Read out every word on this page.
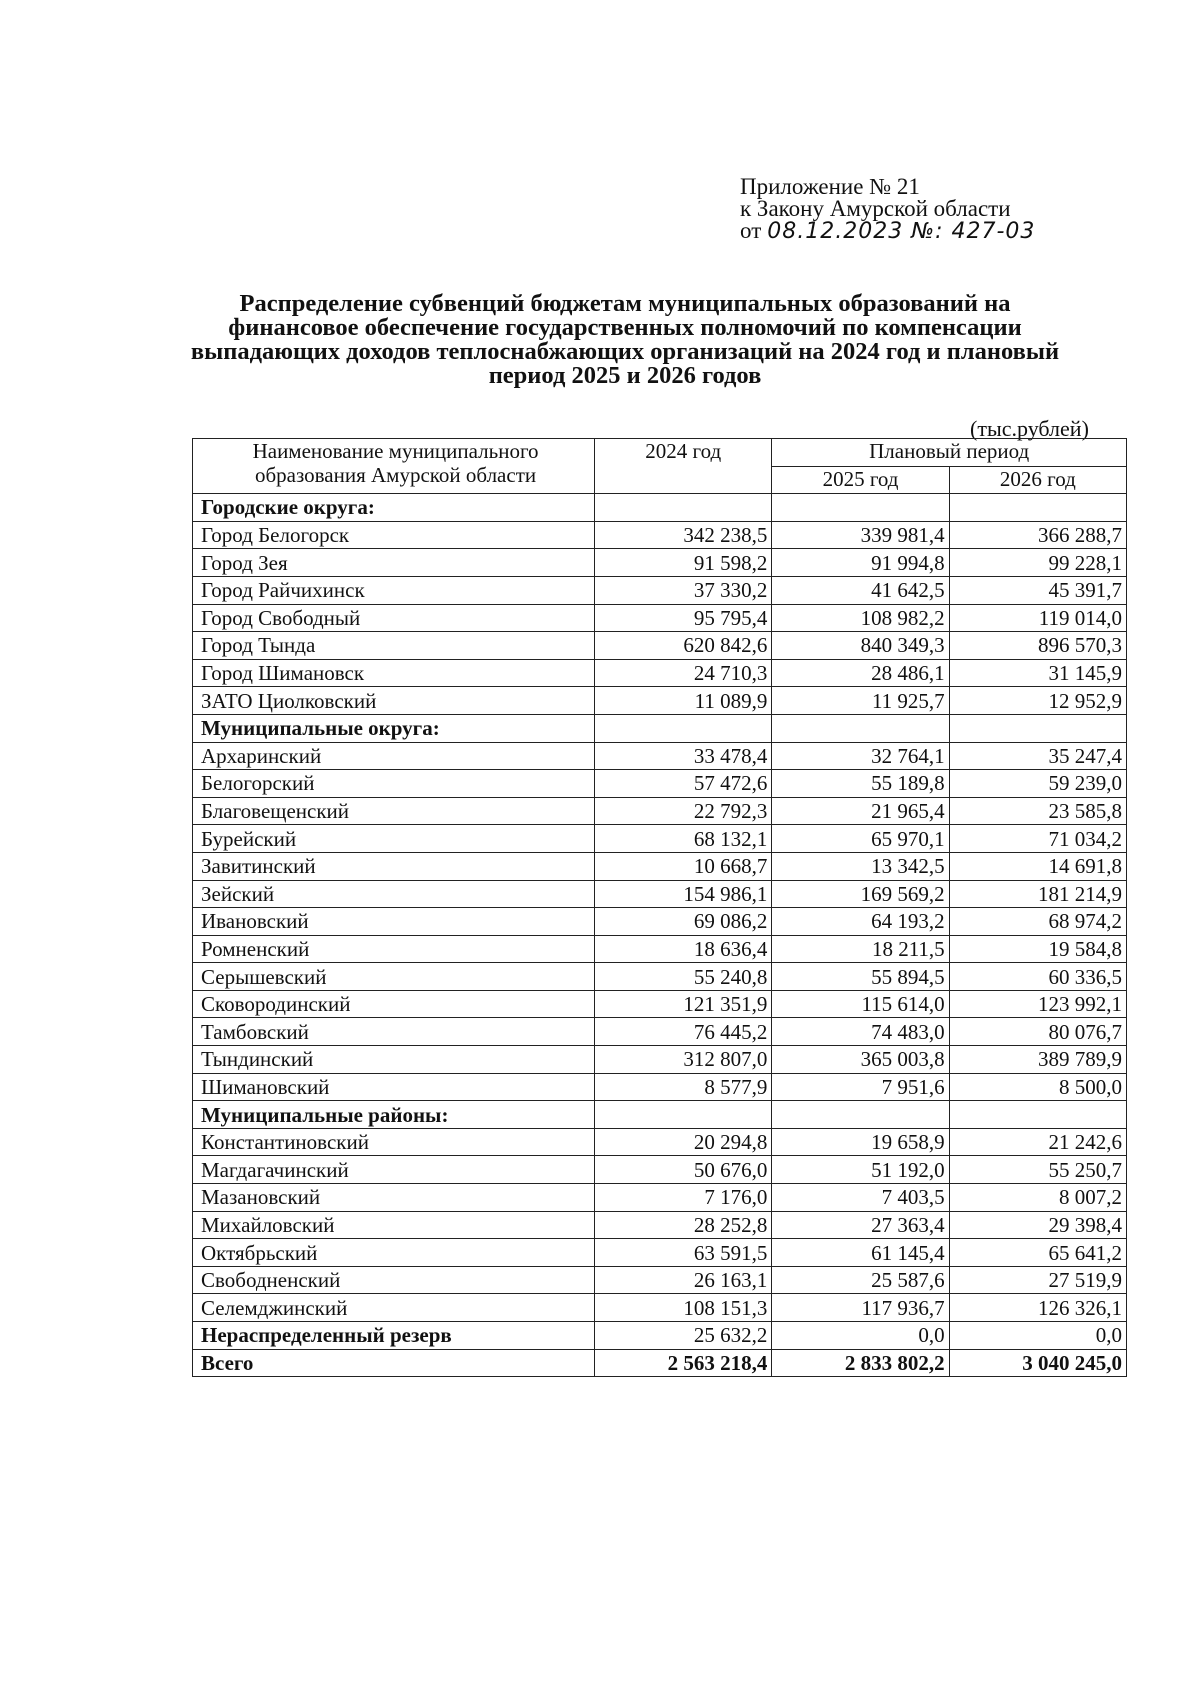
Приложение № 21
к Закону Амурской области
от 08.12.2023 №: 427-03
Распределение субвенций бюджетам муниципальных образований на финансовое обеспечение государственных полномочий по компенсации выпадающих доходов теплоснабжающих организаций на 2024 год и плановый период 2025 и 2026 годов
(тыс.рублей)
Наименование муниципального образования Амурской области	2024 год	Плановый период	
		2025 год	2026 год
Городские округа:			
Город Белогорск	342 238,5	339 981,4	366 288,7
Город Зея	91 598,2	91 994,8	99 228,1
Город Райчихинск	37 330,2	41 642,5	45 391,7
Город Свободный	95 795,4	108 982,2	119 014,0
Город Тында	620 842,6	840 349,3	896 570,3
Город Шимановск	24 710,3	28 486,1	31 145,9
ЗАТО Циолковский	11 089,9	11 925,7	12 952,9
Муниципальные округа:			
Архаринский	33 478,4	32 764,1	35 247,4
Белогорский	57 472,6	55 189,8	59 239,0
Благовещенский	22 792,3	21 965,4	23 585,8
Бурейский	68 132,1	65 970,1	71 034,2
Завитинский	10 668,7	13 342,5	14 691,8
Зейский	154 986,1	169 569,2	181 214,9
Ивановский	69 086,2	64 193,2	68 974,2
Ромненский	18 636,4	18 211,5	19 584,8
Серышевский	55 240,8	55 894,5	60 336,5
Сковородинский	121 351,9	115 614,0	123 992,1
Тамбовский	76 445,2	74 483,0	80 076,7
Тындинский	312 807,0	365 003,8	389 789,9
Шимановский	8 577,9	7 951,6	8 500,0
Муниципальные районы:			
Константиновский	20 294,8	19 658,9	21 242,6
Магдагачинский	50 676,0	51 192,0	55 250,7
Мазановский	7 176,0	7 403,5	8 007,2
Михайловский	28 252,8	27 363,4	29 398,4
Октябрьский	63 591,5	61 145,4	65 641,2
Свободненский	26 163,1	25 587,6	27 519,9
Селемджинский	108 151,3	117 936,7	126 326,1
Нераспределенный резерв	25 632,2	0,0	0,0
Всего	2 563 218,4	2 833 802,2	3 040 245,0
